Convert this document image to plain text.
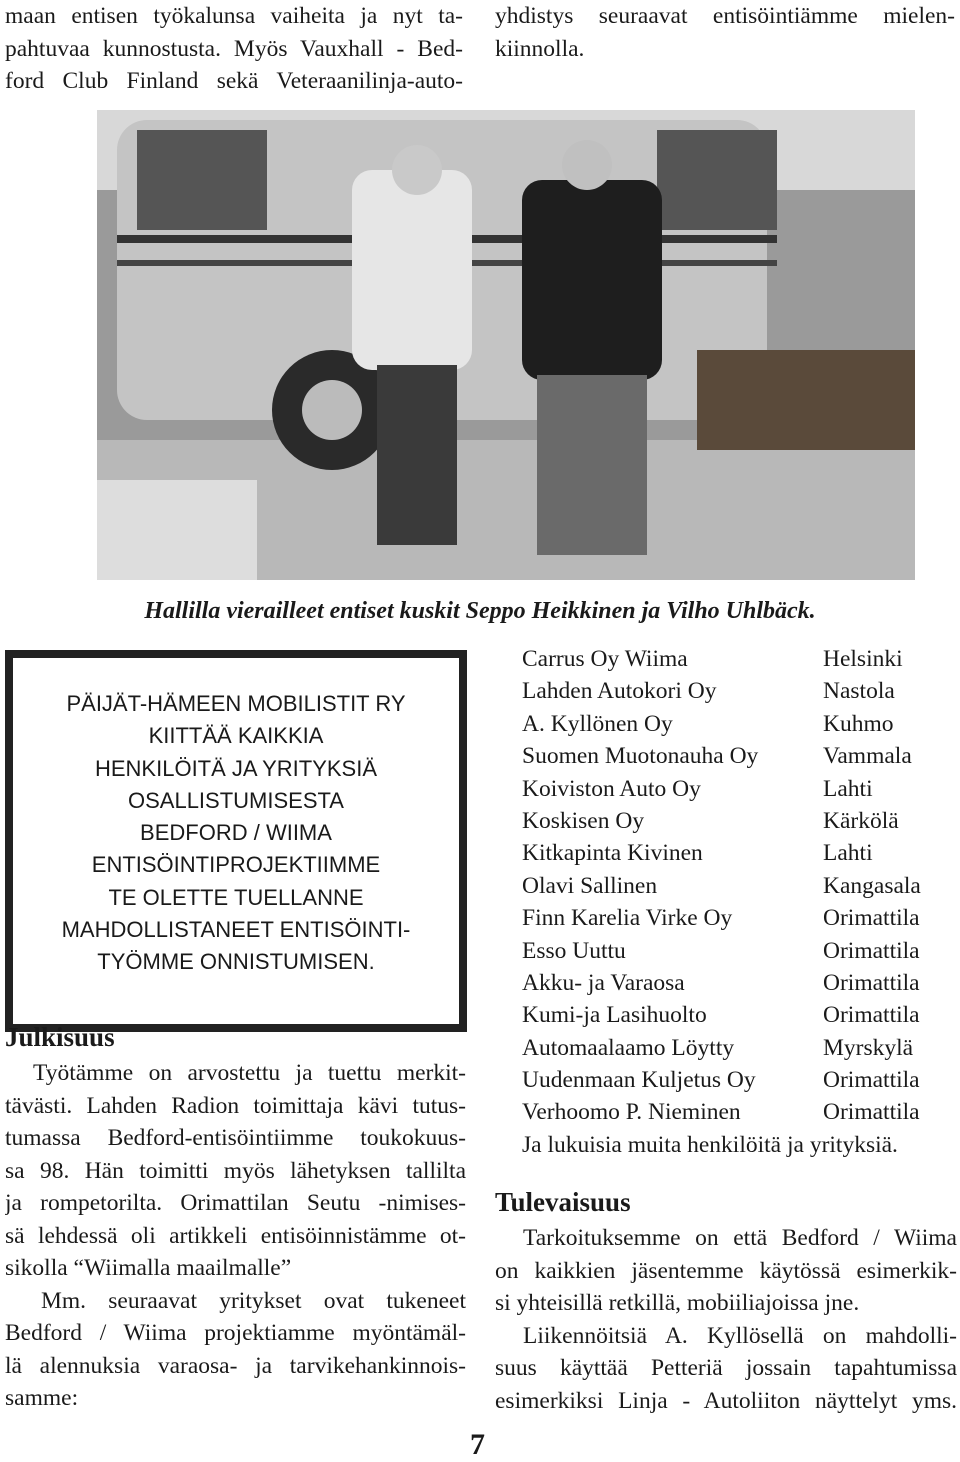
maan entisen työkalunsa vaiheita ja nyt ta-
pahtuvaa kunnostusta. Myös Vauxhall - Bed-
ford Club Finland sekä Veteraanilinja-auto-
yhdistys seuraavat entisöintiämme mielen-
kiinnolla.
Hallilla vierailleet entiset kuskit Seppo Heikkinen ja Vilho Uhlbäck.
PÄIJÄT-HÄMEEN MOBILISTIT RY
KIITTÄÄ KAIKKIA
HENKILÖITÄ JA YRITYKSIÄ
OSALLISTUMISESTA
BEDFORD / WIIMA
ENTISÖINTIPROJEKTIIMME
TE OLETTE TUELLANNE
MAHDOLLISTANEET ENTISÖINTI-
TYÖMME ONNISTUMISEN.
Julkisuus
Työtämme on arvostettu ja tuettu merkit-
tävästi. Lahden Radion toimittaja kävi tutus-
tumassa Bedford-entisöintiimme toukokuus-
sa 98. Hän toimitti myös lähetyksen tallilta
ja rompetorilta. Orimattilan Seutu -nimises-
sä lehdessä oli artikkeli entisöinnistämme ot-
sikolla “Wiimalla maailmalle”
Mm. seuraavat yritykset ovat tukeneet
Bedford / Wiima projektiamme myöntämäl-
lä alennuksia varaosa- ja tarvikehankinnois-
samme:
Carrus Oy Wiima	Helsinki
Lahden Autokori Oy	Nastola
A. Kyllönen Oy	Kuhmo
Suomen Muotonauha Oy	Vammala
Koiviston Auto Oy	Lahti
Koskisen Oy	Kärkölä
Kitkapinta Kivinen	Lahti
Olavi Sallinen	Kangasala
Finn Karelia Virke Oy	Orimattila
Esso Uuttu	Orimattila
Akku- ja Varaosa	Orimattila
Kumi-ja Lasihuolto	Orimattila
Automaalaamo Löytty	Myrskylä
Uudenmaan Kuljetus Oy	Orimattila
Verhoomo P. Nieminen	Orimattila
Ja lukuisia muita henkilöitä ja yrityksiä.
Tulevaisuus
Tarkoituksemme on että Bedford / Wiima
on kaikkien jäsentemme käytössä esimerkik-
si yhteisillä retkillä, mobiiliajoissa jne.
Liikennöitsiä A. Kyllösellä on mahdolli-
suus käyttää Petteriä jossain tapahtumissa
esimerkiksi Linja - Autoliiton näyttelyt yms.
7
